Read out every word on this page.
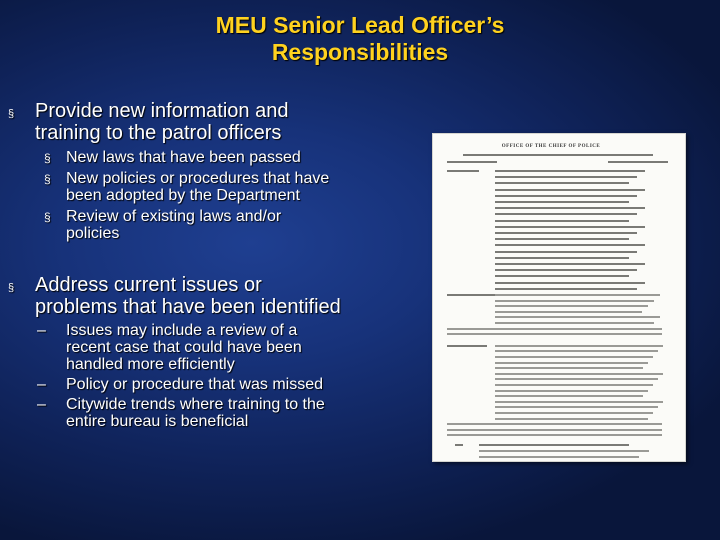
MEU Senior Lead Officer’s
Responsibilities
§ Provide new information and
training to the patrol officers
§ New laws that have been passed
§ New policies or procedures that have
been adopted by the Department
§ Review of existing laws and/or
policies
§ Address current issues or
problems that have been identified
– Issues may include a review of a
recent case that could have been
handled more efficiently
– Policy or procedure that was missed
– Citywide trends where training to the
entire bureau is beneficial
OFFICE OF THE CHIEF OF POLICE
